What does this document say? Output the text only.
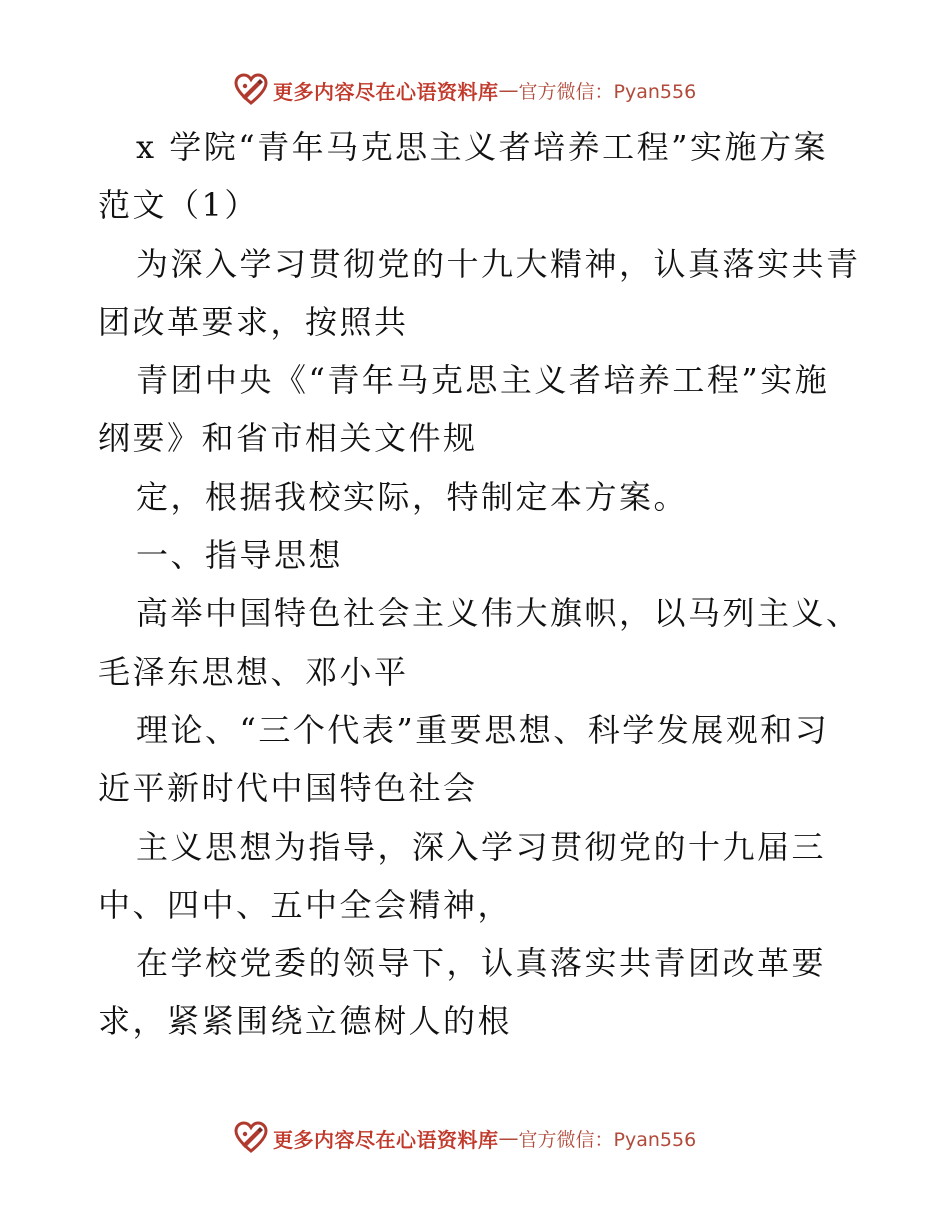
更多内容尽在心语资料库 — 官方微信：Pyan556
x 学院“青年马克思主义者培养工程”实施方案
范文（1）
为深入学习贯彻党的十九大精神，认真落实共青
团改革要求，按照共
青团中央《“青年马克思主义者培养工程”实施
纲要》和省市相关文件规
定，根据我校实际，特制定本方案。
一、指导思想
高举中国特色社会主义伟大旗帜，以马列主义、
毛泽东思想、邓小平
理论、“三个代表”重要思想、科学发展观和习
近平新时代中国特色社会
主义思想为指导，深入学习贯彻党的十九届三
中、四中、五中全会精神，
在学校党委的领导下，认真落实共青团改革要
求，紧紧围绕立德树人的根
更多内容尽在心语资料库 — 官方微信：Pyan556
